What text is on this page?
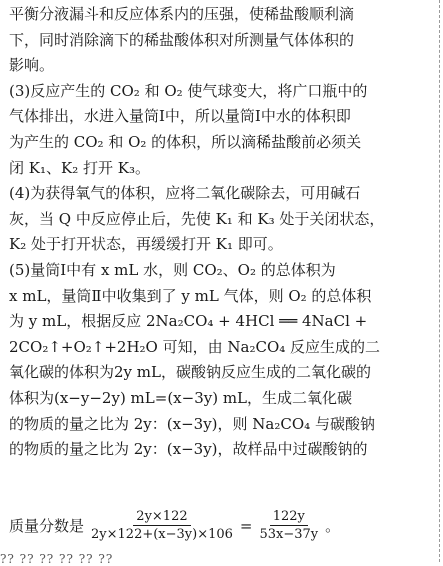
平衡分液漏斗和反应体系内的压强，使稀盐酸顺利滴

下，同时消除滴下的稀盐酸体积对所测量气体体积的

影响。

(3)反应产生的 CO₂ 和 O₂ 使气球变大，将广口瓶中的

气体排出，水进入量筒Ⅰ中，所以量筒Ⅰ中水的体积即

为产生的 CO₂ 和 O₂ 的体积，所以滴稀盐酸前必须关

闭 K₁、K₂ 打开 K₃。

(4)为获得氧气的体积，应将二氧化碳除去，可用碱石

灰，当 Q 中反应停止后，先使 K₁ 和 K₃ 处于关闭状态，

K₂ 处于打开状态，再缓缓打开 K₁ 即可。

(5)量筒Ⅰ中有 x mL 水，则 CO₂、O₂ 的总体积为

x mL，量筒Ⅱ中收集到了 y mL 气体，则 O₂ 的总体积

为 y mL，根据反应 2Na₂CO₄ + 4HCl ══ 4NaCl +

2CO₂↑+O₂↑+2H₂O 可知，由 Na₂CO₄ 反应生成的二

氧化碳的体积为2y mL，碳酸钠反应生成的二氧化碳的

体积为(x−y−2y) mL=(x−3y) mL，生成二氧化碳

的物质的量之比为 2y：(x−3y)，则 Na₂CO₄ 与碳酸钠

的物质的量之比为 2y：(x−3y)，故样品中过碳酸钠的

质量分数是 $\frac{2y\times 122}{2y\times 122+(x-3y)\times 106} = \frac{122y}{53x-37y}$ 。
?? ?? ?? ?? ?? ??
